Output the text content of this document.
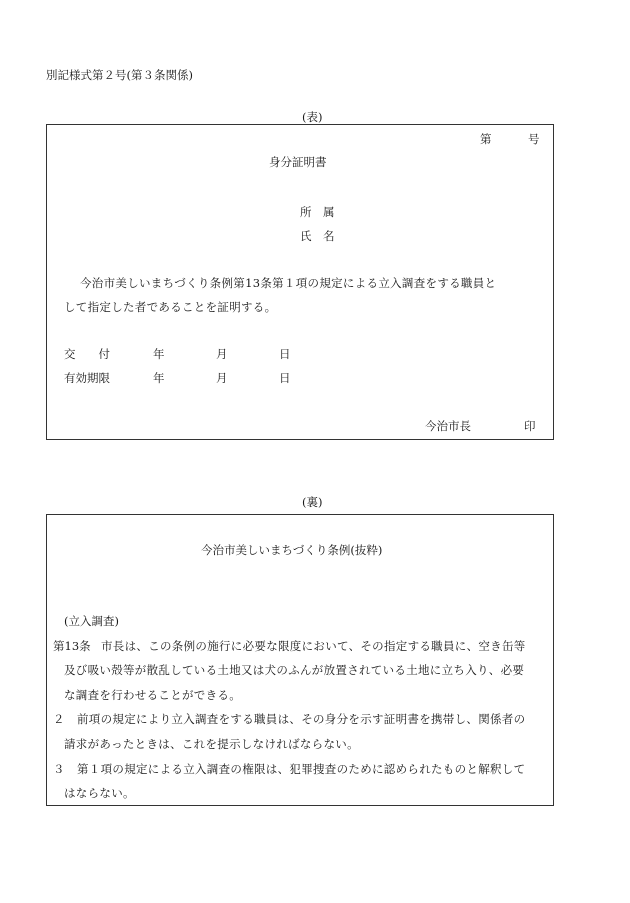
別記様式第２号(第３条関係)
(表)
第	号
身分証明書
所　属
氏　名
今治市美しいまちづくり条例第13条第１項の規定による立入調査をする職員と
して指定した者であることを証明する。
交　　付	年	月	日
有効期限	年	月	日
今治市長	印
(裏)
今治市美しいまちづくり条例(抜粋)
(立入調査)
第13条 市長は、この条例の施行に必要な限度において、その指定する職員に、空き缶等
及び吸い殻等が散乱している土地又は犬のふんが放置されている土地に立ち入り、必要
な調査を行わせることができる。
２ 前項の規定により立入調査をする職員は、その身分を示す証明書を携帯し、関係者の
請求があったときは、これを提示しなければならない。
３ 第１項の規定による立入調査の権限は、犯罪捜査のために認められたものと解釈して
はならない。
